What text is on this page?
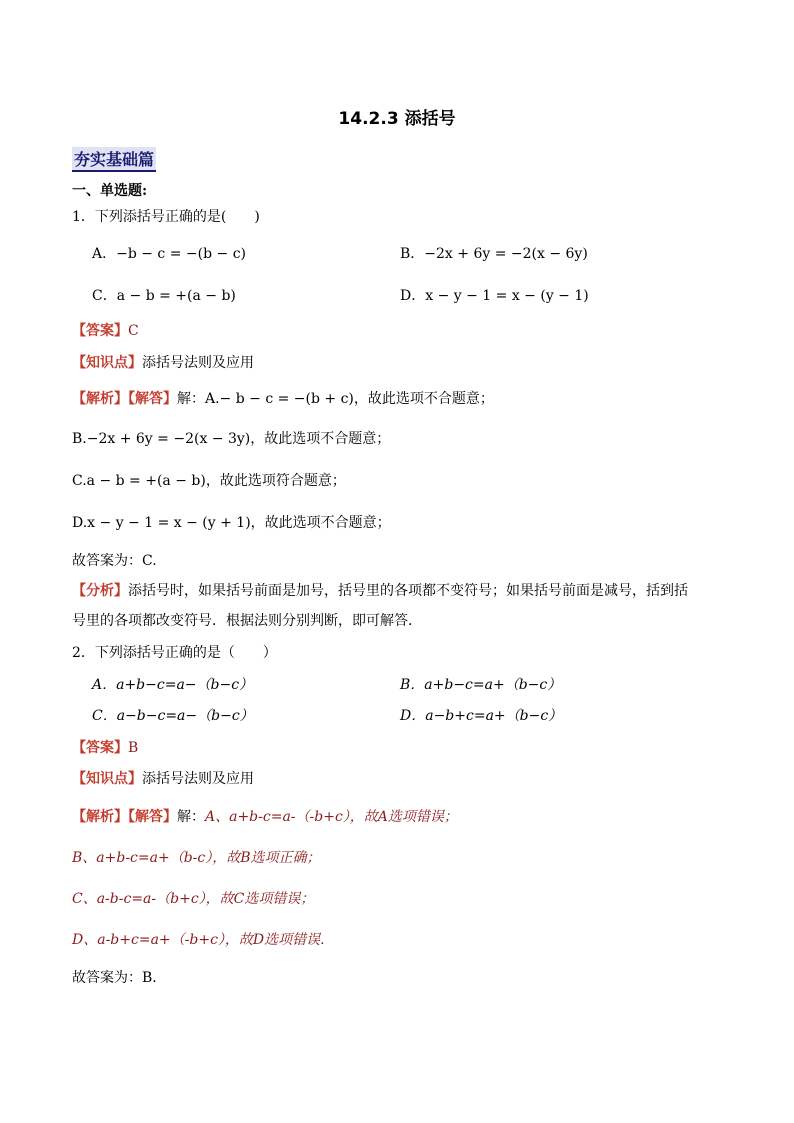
14.2.3 添括号
夯实基础篇
一、单选题:
1．下列添括号正确的是(　　)
A．−b − c = −(b − c)	B．−2x + 6y = −2(x − 6y)
C．a − b = +(a − b)	D．x − y − 1 = x − (y − 1)
【答案】C
【知识点】添括号法则及应用
【解析】【解答】解：A.− b − c = −(b + c)，故此选项不合题意；
B.−2x + 6y = −2(x − 3y)，故此选项不合题意；
C.a − b = +(a − b)，故此选项符合题意；
D.x − y − 1 = x − (y + 1)，故此选项不合题意；
故答案为：C.
【分析】添括号时，如果括号前面是加号，括号里的各项都不变符号；如果括号前面是减号，括到括
号里的各项都改变符号．根据法则分别判断，即可解答．
2．下列添括号正确的是（　　）
A．a+b−c=a−（b−c）	B．a+b−c=a+（b−c）
C．a−b−c=a−（b−c）	D．a−b+c=a+（b−c）
【答案】B
【知识点】添括号法则及应用
【解析】【解答】解：A、a+b-c=a-（-b+c），故A选项错误；
B、a+b-c=a+（b-c），故B选项正确；
C、a-b-c=a-（b+c），故C选项错误；
D、a-b+c=a+（-b+c），故D选项错误.
故答案为：B.
